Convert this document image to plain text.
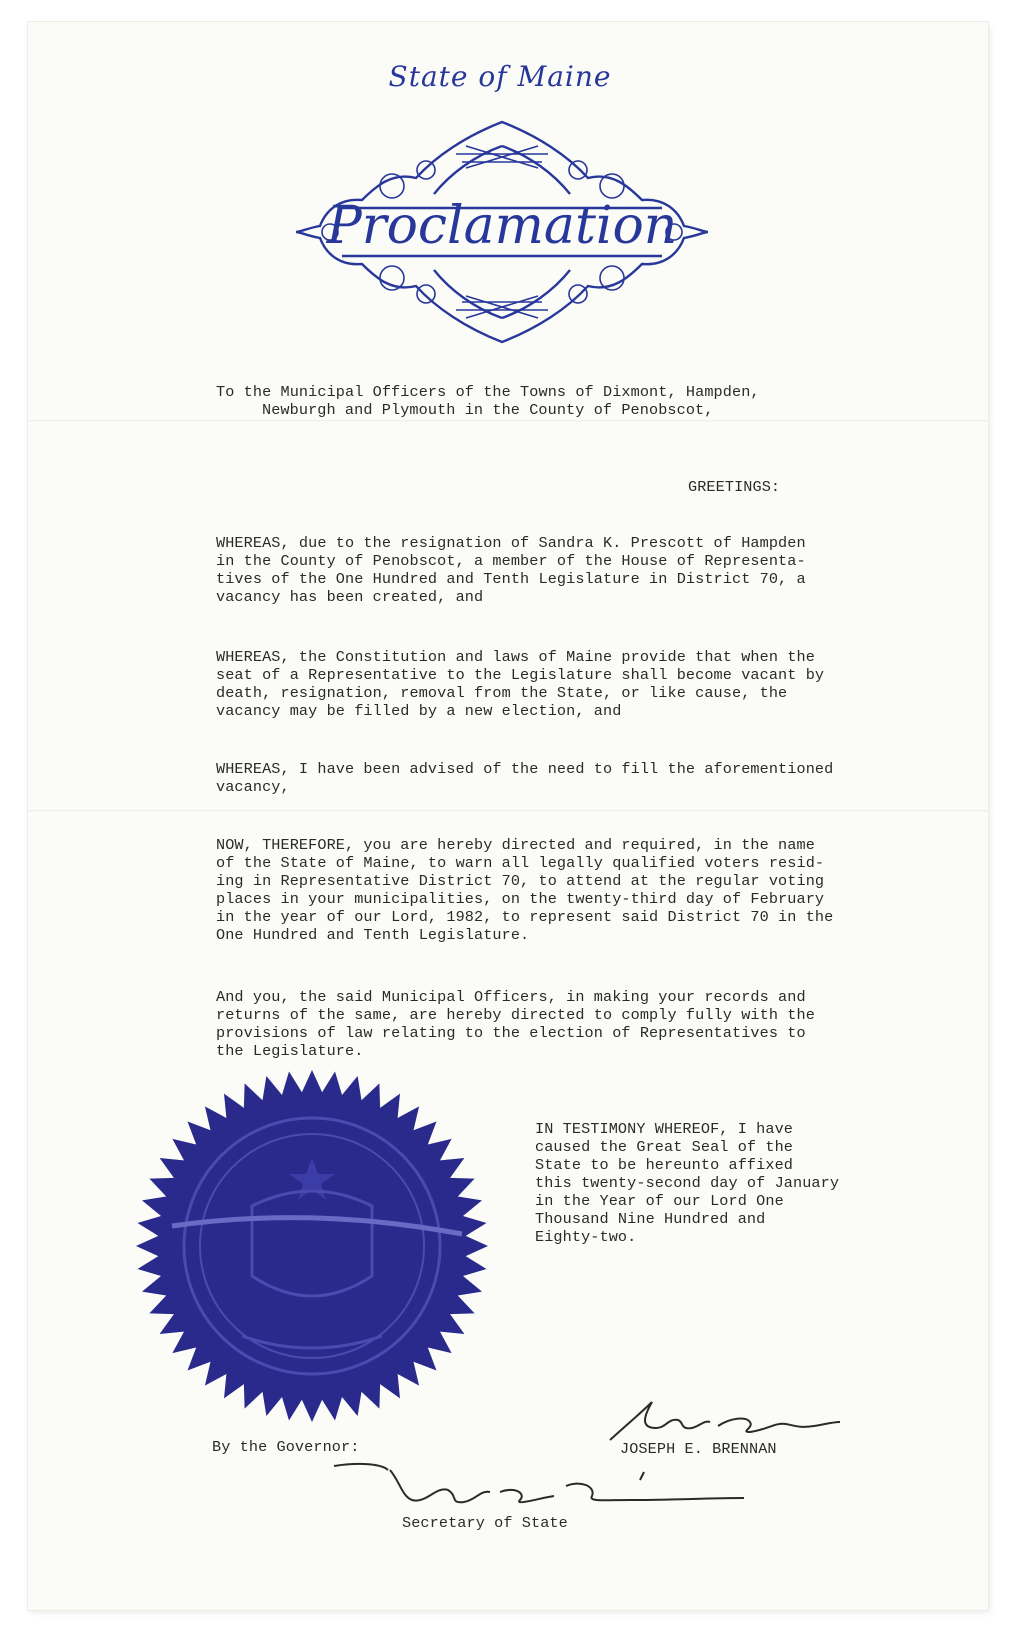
State of Maine
Proclamation
To the Municipal Officers of the Towns of Dixmont, Hampden,
Newburgh and Plymouth in the County of Penobscot,
GREETINGS:
WHEREAS, due to the resignation of Sandra K. Prescott of Hampden
in the County of Penobscot, a member of the House of Representa-
tives of the One Hundred and Tenth Legislature in District 70, a
vacancy has been created, and
WHEREAS, the Constitution and laws of Maine provide that when the
seat of a Representative to the Legislature shall become vacant by
death, resignation, removal from the State, or like cause, the
vacancy may be filled by a new election, and
WHEREAS, I have been advised of the need to fill the aforementioned
vacancy,
NOW, THEREFORE, you are hereby directed and required, in the name
of the State of Maine, to warn all legally qualified voters resid-
ing in Representative District 70, to attend at the regular voting
places in your municipalities, on the twenty-third day of February
in the year of our Lord, 1982, to represent said District 70 in the
One Hundred and Tenth Legislature.
And you, the said Municipal Officers, in making your records and
returns of the same, are hereby directed to comply fully with the
provisions of law relating to the election of Representatives to
the Legislature.
IN TESTIMONY WHEREOF, I have
caused the Great Seal of the
State to be hereunto affixed
this twenty-second day of January
in the Year of our Lord One
Thousand Nine Hundred and
Eighty-two.
By the Governor:	JOSEPH E. BRENNAN
Secretary of State
